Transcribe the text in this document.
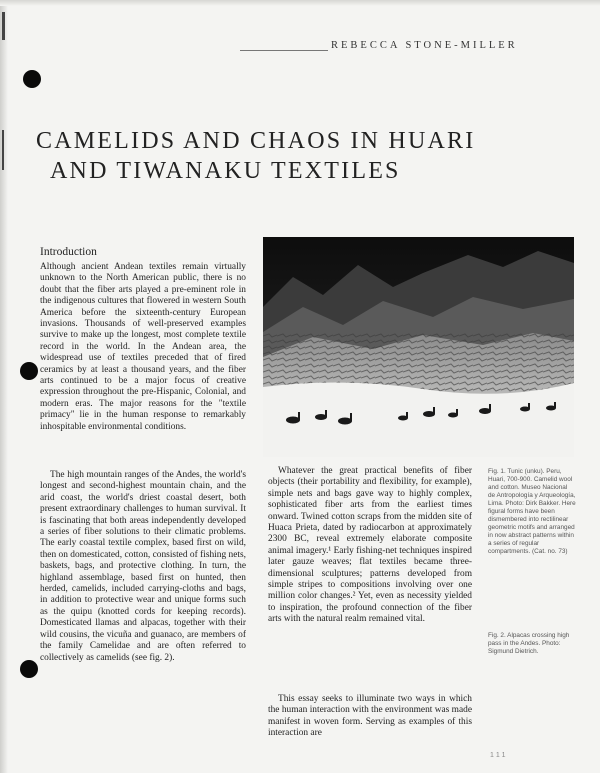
REBECCA STONE-MILLER
CAMELIDS AND CHAOS IN HUARI
AND TIWANAKU TEXTILES
Introduction

Although ancient Andean textiles remain virtually unknown to the North American public, there is no doubt that the fiber arts played a pre-eminent role in the indigenous cultures that flowered in western South America before the sixteenth-century European invasions. Thousands of well-preserved examples survive to make up the longest, most complete textile record in the world. In the Andean area, the widespread use of textiles preceded that of fired ceramics by at least a thousand years, and the fiber arts continued to be a major focus of creative expression throughout the pre-Hispanic, Colonial, and modern eras. The major reasons for the "textile primacy" lie in the human response to remarkably inhospitable environmental conditions.

The high mountain ranges of the Andes, the world's longest and second-highest mountain chain, and the arid coast, the world's driest coastal desert, both present extraordinary challenges to human survival. It is fascinating that both areas independently developed a series of fiber solutions to their climatic problems. The early coastal textile complex, based first on wild, then on domesticated, cotton, consisted of fishing nets, baskets, bags, and protective clothing. In turn, the highland assemblage, based first on hunted, then herded, camelids, included carrying-cloths and bags, in addition to protective wear and unique forms such as the quipu (knotted cords for keeping records). Domesticated llamas and alpacas, together with their wild cousins, the vicuña and guanaco, are members of the family Camelidae and are often referred to collectively as camelids (see fig. 2).

Whatever the great practical benefits of fiber objects (their portability and flexibility, for example), simple nets and bags gave way to highly complex, sophisticated fiber arts from the earliest times onward. Twined cotton scraps from the midden site of Huaca Prieta, dated by radiocarbon at approximately 2300 BC, reveal extremely elaborate composite animal imagery.¹ Early fishing-net techniques inspired later gauze weaves; flat textiles became three-dimensional sculptures; patterns developed from simple stripes to compositions involving over one million color changes.² Yet, even as necessity yielded to inspiration, the profound connection of the fiber arts with the natural realm remained vital.

This essay seeks to illuminate two ways in which the human interaction with the environment was made manifest in woven form. Serving as examples of this interaction are

Fig. 1. Tunic (unku). Peru, Huari, 700-900. Camelid wool and cotton. Museo Nacional de Antropología y Arqueología, Lima. Photo: Dirk Bakker. Here figural forms have been dismembered into rectilinear geometric motifs and arranged in now abstract patterns within a series of regular compartments. (Cat. no. 73)

Fig. 2. Alpacas crossing high pass in the Andes. Photo: Sigmund Dietrich.

1 1 1
